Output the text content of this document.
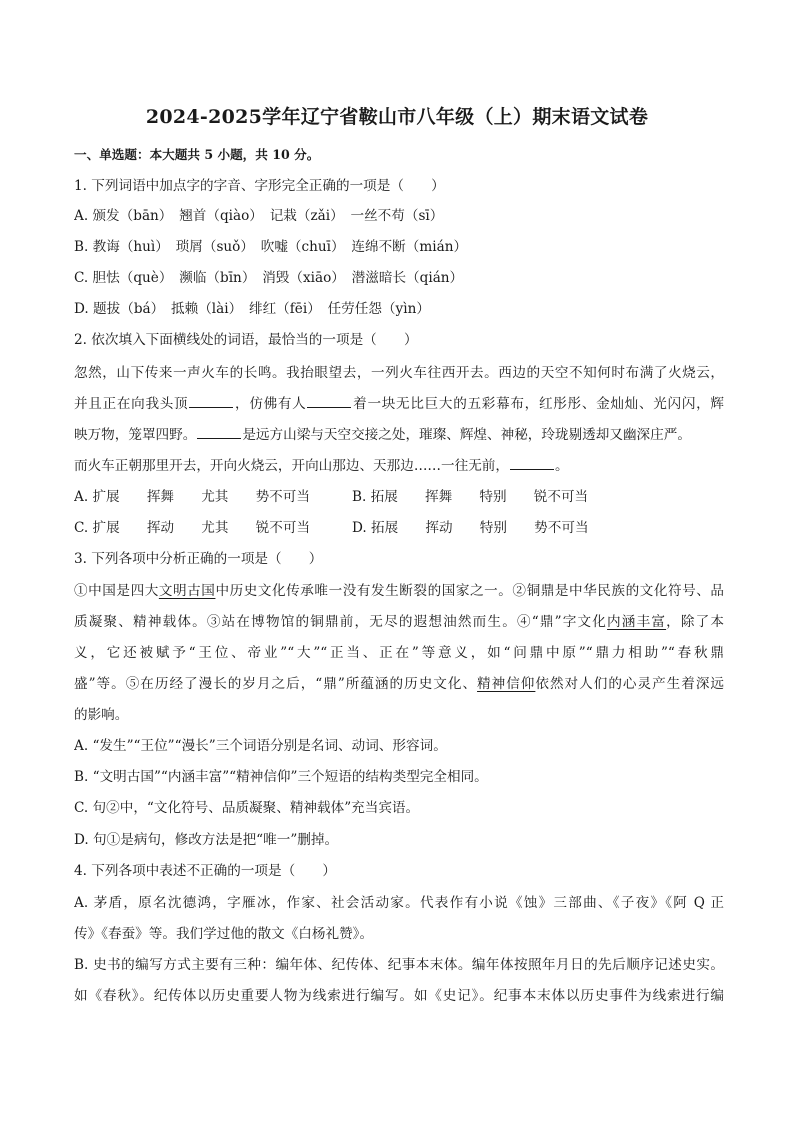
2024-2025学年辽宁省鞍山市八年级（上）期末语文试卷
一、单选题：本大题共 5 小题，共 10 分。
1. 下列词语中加点字的字音、字形完全正确的一项是（　　）
A. 颁发（bān）　翘首（qiào）　记栽（zǎi）　一丝不苟（sī）
B. 教诲（huì）　琐屑（suǒ）　吹嘘（chuī）　连绵不断（mián）
C. 胆怯（què）　濒临（bīn）　消毁（xiāo）　潜滋暗长（qián）
D. 题拔（bá）　抵赖（lài）　绯红（fēi）　任劳任怨（yìn）
2. 依次填入下面横线处的词语，最恰当的一项是（　　）
忽然，山下传来一声火车的长鸣。我抬眼望去，一列火车往西开去。西边的天空不知何时布满了火烧云，
并且正在向我头顶	，仿佛有人	着一块无比巨大的五彩幕布，红彤彤、金灿灿、光闪闪，辉
映万物，笼罩四野。	是远方山梁与天空交接之处，璀璨、辉煌、神秘，玲珑剔透却又幽深庄严。
而火车正朝那里开去，开向火烧云，开向山那边、天那边……一往无前，	。
A. 扩展　　挥舞　　尤其　　势不可当	B. 拓展　　挥舞　　特别　　锐不可当
C. 扩展　　挥动　　尤其　　锐不可当	D. 拓展　　挥动　　特别　　势不可当
3. 下列各项中分析正确的一项是（　　）
①中国是四大文明古国中历史文化传承唯一没有发生断裂的国家之一。②铜鼎是中华民族的文化符号、品
质凝聚、精神载体。③站在博物馆的铜鼎前，无尽的遐想油然而生。④“鼎”字文化内涵丰富，除了本
义，它还被赋予“王位、帝业”“大”“正当、正在”等意义，如“问鼎中原”“鼎力相助”“春秋鼎
盛”等。⑤在历经了漫长的岁月之后，“鼎”所蕴涵的历史文化、精神信仰依然对人们的心灵产生着深远
的影响。
A. “发生”“王位”“漫长”三个词语分别是名词、动词、形容词。
B. “文明古国”“内涵丰富”“精神信仰”三个短语的结构类型完全相同。
C. 句②中，“文化符号、品质凝聚、精神载体”充当宾语。
D. 句①是病句，修改方法是把“唯一”删掉。
4. 下列各项中表述不正确的一项是（　　）
A. 茅盾，原名沈德鸿，字雁冰，作家、社会活动家。代表作有小说《蚀》三部曲、《子夜》《阿 Q 正
传》《春蚕》等。我们学过他的散文《白杨礼赞》。
B. 史书的编写方式主要有三种：编年体、纪传体、纪事本末体。编年体按照年月日的先后顺序记述史实。
如《春秋》。纪传体以历史重要人物为线索进行编写。如《史记》。纪事本末体以历史事件为线索进行编
